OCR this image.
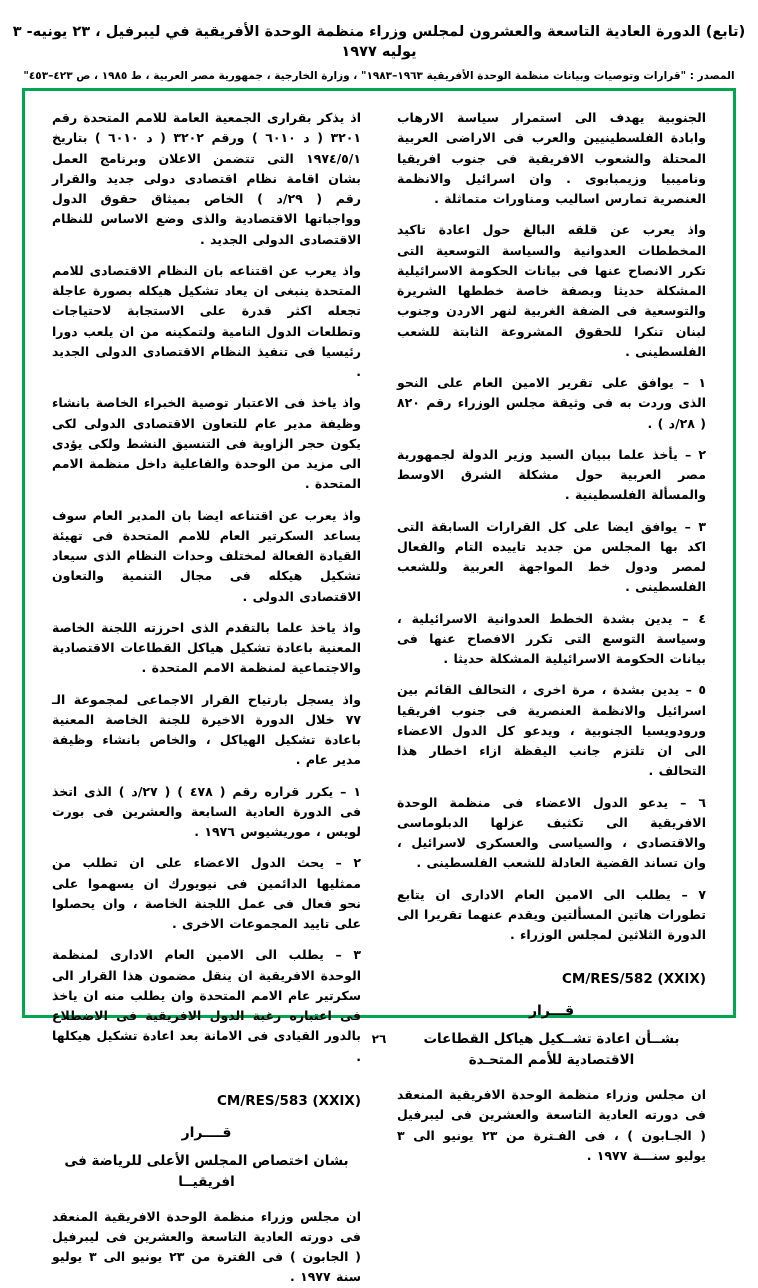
(تابع) الدورة العادية التاسعة والعشرون لمجلس وزراء منظمة الوحدة الأفريقية في ليبرفيل ، ٢٣ يونيه- ٣ يوليه ١٩٧٧
المصدر : "قرارات وتوصيات وبيانات منظمة الوحدة الأفريقية ١٩٦٣–١٩٨٣" ، وزارة الخارجية ، جمهورية مصر العربية ، ط ١٩٨٥ ، ص ٤٢٣–٤٥٣"

الجنوبية يهدف الى استمرار سياسة الارهاب وابادة الفلسطينيين والعرب فى الاراضى العربية المحتلة والشعوب الافريقية فى جنوب افريقيا وناميبيا وزيمبابوى . وان اسرائيل والانظمة العنصرية تمارس اساليب ومناورات متماثلة .

واذ يعرب عن قلقه البالغ حول اعادة تاكيد المخططات العدوانية والسياسة التوسعية التى تكرر الانصاح عنها فى بيانات الحكومة الاسرائيلية المشكلة حديثا وبصفة خاصة خططها الشريرة والتوسعية فى الضفة الغربية لنهر الاردن وجنوب لبنان تنكرا للحقوق المشروعة الثابتة للشعب الفلسطينى .

١ – يوافق على تقرير الامين العام على النحو الذى وردت به فى وثيقة مجلس الوزراء رقم ٨٢٠ ( ٢٨/د ) .

٢ – يأخذ علما ببيان السيد وزير الدولة لجمهورية مصر العربية حول مشكلة الشرق الاوسط والمسألة الفلسطينية .

٣ – يوافق ايضا على كل القرارات السابقة التى اكد بها المجلس من جديد تاييده التام والفعال لمصر ودول خط المواجهة العربية وللشعب الفلسطينى .

٤ – يدين بشدة الخطط العدوانية الاسرائيلية ، وسياسة التوسع التى تكرر الافصاح عنها فى بيانات الحكومة الاسرائيلية المشكلة حديثا .

٥ – يدين بشدة ، مرة اخرى ، التحالف القائم بين اسرائيل والانظمة العنصرية فى جنوب افريقيا ورودويسيا الجنوبية ، ويدعو كل الدول الاعضاء الى ان تلتزم جانب اليقظة ازاء اخطار هذا التحالف .

٦ – يدعو الدول الاعضاء فى منظمة الوحدة الافريقية الى تكثيف عزلها الدبلوماسى والاقتصادى ، والسياسى والعسكرى لاسرائيل ، وان تساند القضية العادلة للشعب الفلسطينى .

٧ – يطلب الى الامين العام الادارى ان يتابع تطورات هاتين المسألتين ويقدم عنهما تقريرا الى الدورة الثلاثين لمجلس الوزراء .

CM/RES/582 (XXIX)
قـــرار
بشــأن اعادة تشــكيل هياكل القطاعات الاقتصادية للأمم المتحـدة

ان مجلس وزراء منظمة الوحدة الافريقية المنعقد فى دورته العادية التاسعة والعشرين فى ليبرفيل ( الجـابون ) ، فى الفـترة من ٢٣ يونيو الى ٣ يوليو سنـــة ١٩٧٧ .

اذ يذكر بقرارى الجمعية العامة للامم المتحدة رقم ٣٢٠١ ( د ٦٠١٠ ) ورقم ٣٢٠٢ ( د ٦٠١٠ ) بتاريخ ١٩٧٤/٥/١ التى تتضمن الاعلان وبرنامج العمل بشان اقامة نظام اقتصادى دولى جديد والقرار رقم ( ٢٩/د ) الخاص بميثاق حقوق الدول وواجباتها الاقتصادية والذى وضع الاساس للنظام الاقتصادى الدولى الجديد .

واذ يعرب عن اقتناعه بان النظام الاقتصادى للامم المتحدة ينبغى ان يعاد تشكيل هيكله بصورة عاجلة تجعله اكثر قدرة على الاستجابة لاحتياجات وتطلعات الدول النامية ولتمكينه من ان يلعب دورا رئيسيا فى تنفيذ النظام الاقتصادى الدولى الجديد .

واذ ياخذ فى الاعتبار توصية الخبراء الخاصة بانشاء وظيفة مدير عام للتعاون الاقتصادى الدولى لكى يكون حجر الزاوية فى التنسيق النشط ولكى يؤدى الى مزيد من الوحدة والفاعلية داخل منظمة الامم المتحدة .

واذ يعرب عن اقتناعه ايضا بان المدير العام سوف يساعد السكرتير العام للامم المتحدة فى تهيئة القيادة الفعالة لمختلف وحدات النظام الذى سيعاد تشكيل هيكله فى مجال التنمية والتعاون الاقتصادى الدولى .

واذ ياخذ علما بالتقدم الذى احرزته اللجنة الخاصة المعنية باعادة تشكيل هياكل القطاعات الاقتصادية والاجتماعية لمنظمة الامم المتحدة .

واذ يسجل بارتياح القرار الاجماعى لمجموعة الـ ٧٧ خلال الدورة الاخيرة للجنة الخاصة المعنية باعادة تشكيل الهياكل ، والخاص بانشاء وظيفة مدير عام .

١ – يكرر قراره رقم ( ٤٧٨ ) ( ٢٧/د ) الذى اتخذ فى الدورة العادية السابعة والعشرين فى بورت لويس ، موريشيوس ١٩٧٦ .

٢ – يحث الدول الاعضاء على ان تطلب من ممثليها الدائمين فى نيويورك ان يسهموا على نحو فعال فى عمل اللجنة الخاصة ، وان يحصلوا على تاييد المجموعات الاخرى .

٣ – يطلب الى الامين العام الادارى لمنظمة الوحدة الافريقية ان ينقل مضمون هذا القرار الى سكرتير عام الامم المتحدة وان يطلب منه ان ياخذ فى اعتباره رغبة الدول الافريقية فى الاضطلاع بالدور القيادى فى الامانة بعد اعادة تشكيل هيكلها .

CM/RES/583 (XXIX)
قــــرار
بشان اختصاص المجلس الأعلى للرياضة فى افريقيــا

ان مجلس وزراء منظمة الوحدة الافريقية المنعقد فى دورته العادية التاسعة والعشرين فى ليبرفيل ( الجابون ) فى الفترة من ٢٣ يونيو الى ٣ يوليو سنة ١٩٧٧ .

٢٦
